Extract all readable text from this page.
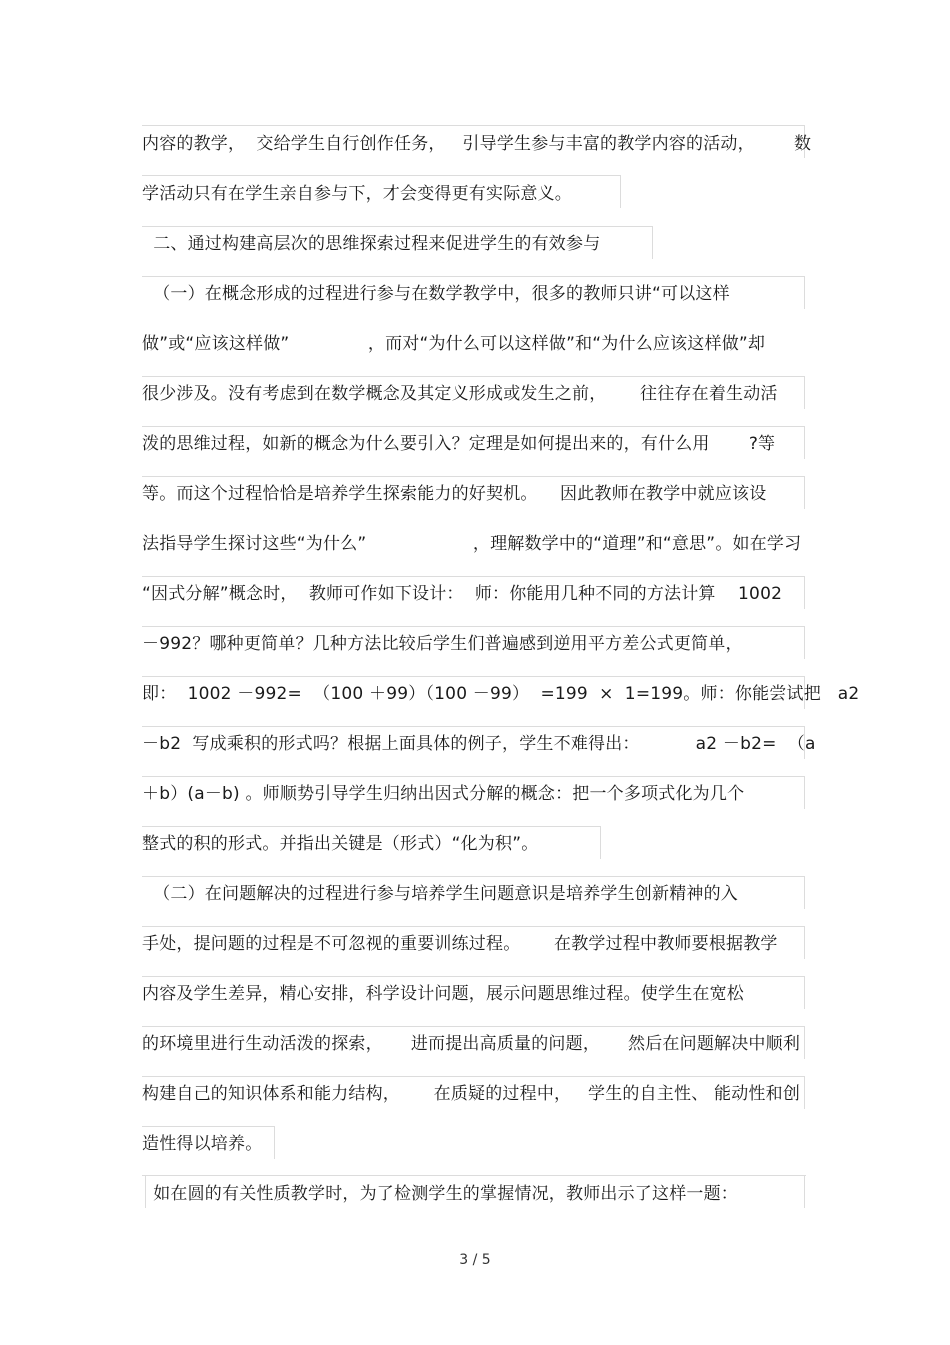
内容的教学，  交给学生自行创作任务，   引导学生参与丰富的教学内容的活动，       数
学活动只有在学生亲自参与下，才会变得更有实际意义。
二、通过构建高层次的思维探索过程来促进学生的有效参与
（一）在概念形成的过程进行参与在数学教学中，很多的教师只讲“可以这样
做”或“应该这样做”              ，而对“为什么可以这样做”和“为什么应该这样做”却
很少涉及。没有考虑到在数学概念及其定义形成或发生之前，      往往存在着生动活
泼的思维过程，如新的概念为什么要引入？定理是如何提出来的，有什么用       ?等
等。而这个过程恰恰是培养学生探索能力的好契机。    因此教师在教学中就应该设
法指导学生探讨这些“为什么”                   ，理解数学中的“道理”和“意思”。如在学习
“因式分解”概念时，  教师可作如下设计：  师：你能用几种不同的方法计算    1002
－992？哪种更简单？几种方法比较后学生们普遍感到逆用平方差公式更简单，
即：  1002 －992=  （100 ＋99）（100 －99）  =199  ×  1=199。师：你能尝试把   a2
－b2  写成乘积的形式吗？根据上面具体的例子，学生不难得出：          a2 －b2=  （a
＋b）(a－b) 。师顺势引导学生归纳出因式分解的概念：把一个多项式化为几个
整式的积的形式。并指出关键是（形式）“化为积”。
（二）在问题解决的过程进行参与培养学生问题意识是培养学生创新精神的入
手处，提问题的过程是不可忽视的重要训练过程。      在教学过程中教师要根据教学
内容及学生差异，精心安排，科学设计问题，展示问题思维过程。使学生在宽松
的环境里进行生动活泼的探索，     进而提出高质量的问题，     然后在问题解决中顺利
构建自己的知识体系和能力结构，      在质疑的过程中，   学生的自主性、 能动性和创
造性得以培养。
如在圆的有关性质教学时，为了检测学生的掌握情况，教师出示了这样一题：
3 / 5
